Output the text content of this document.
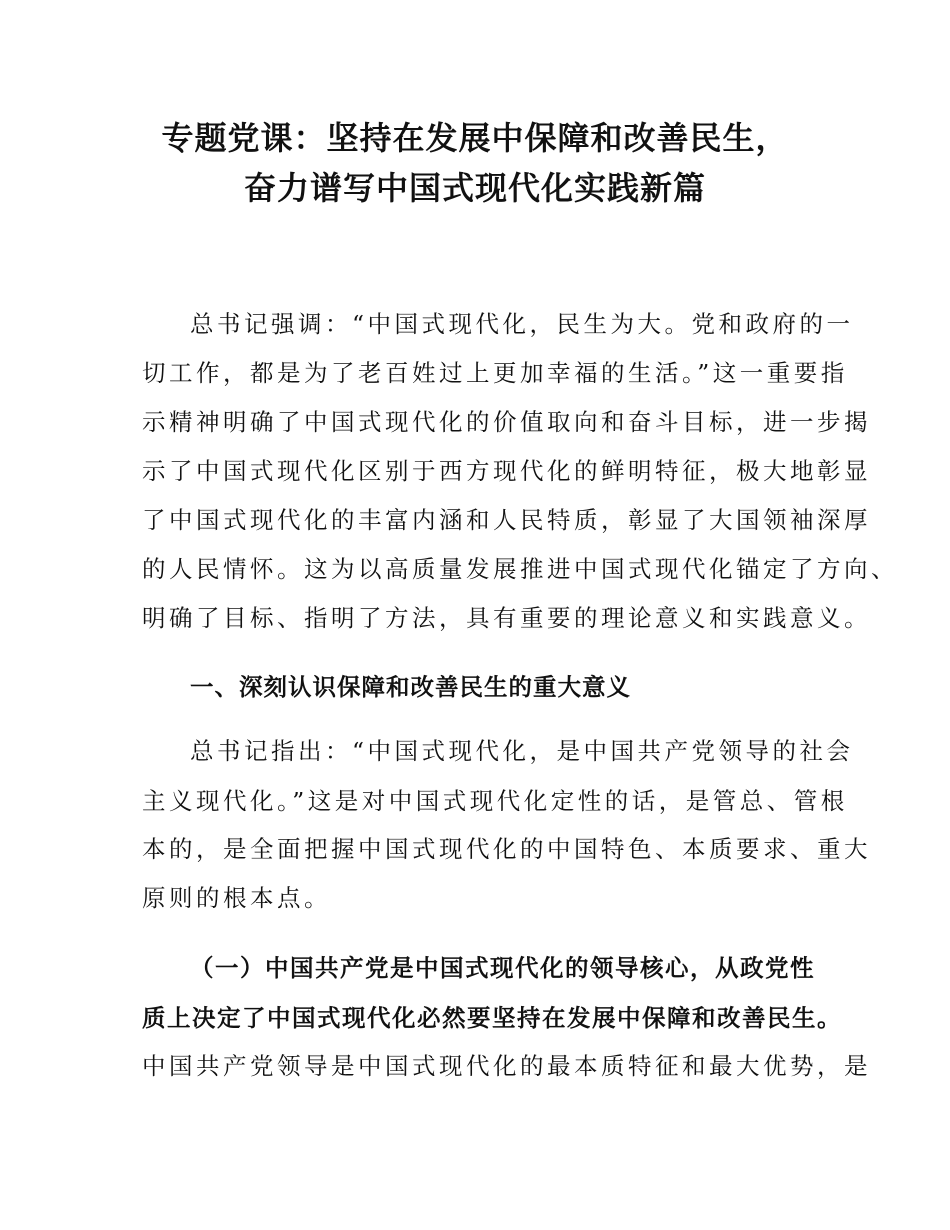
专题党课：坚持在发展中保障和改善民生，
奋力谱写中国式现代化实践新篇

总书记强调：“中国式现代化，民生为大。党和政府的一

切工作，都是为了老百姓过上更加幸福的生活。”这一重要指

示精神明确了中国式现代化的价值取向和奋斗目标，进一步揭

示了中国式现代化区别于西方现代化的鲜明特征，极大地彰显

了中国式现代化的丰富内涵和人民特质，彰显了大国领袖深厚

的人民情怀。这为以高质量发展推进中国式现代化锚定了方向、

明确了目标、指明了方法，具有重要的理论意义和实践意义。

一、深刻认识保障和改善民生的重大意义

总书记指出：“中国式现代化，是中国共产党领导的社会

主义现代化。”这是对中国式现代化定性的话，是管总、管根

本的，是全面把握中国式现代化的中国特色、本质要求、重大

原则的根本点。

（一）中国共产党是中国式现代化的领导核心，从政党性

质上决定了中国式现代化必然要坚持在发展中保障和改善民生。

中国共产党领导是中国式现代化的最本质特征和最大优势，是
